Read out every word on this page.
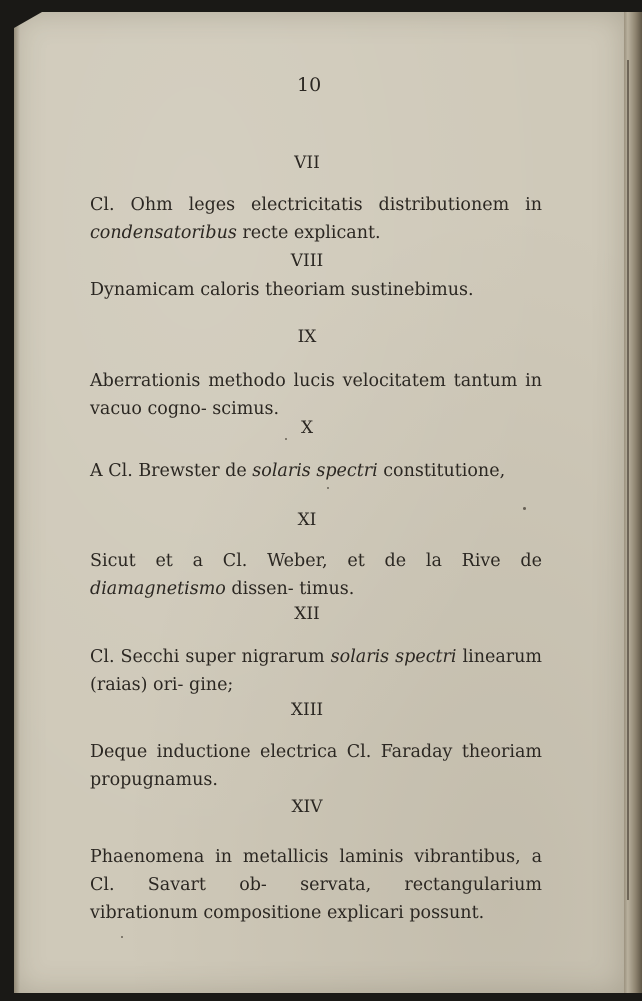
10
VII
Cl. Ohm leges electricitatis distributionem in condensatoribus recte explicant.
VIII
Dynamicam caloris theoriam sustinebimus.
IX
Aberrationis methodo lucis velocitatem tantum in vacuo cogno- scimus.
X
A Cl. Brewster de solaris spectri constitutione,
XI
Sicut et a Cl. Weber, et de la Rive de diamagnetismo dissen- timus.
XII
Cl. Secchi super nigrarum solaris spectri linearum (raias) ori- gine;
XIII
Deque inductione electrica Cl. Faraday theoriam propugnamus.
XIV
Phaenomena in metallicis laminis vibrantibus, a Cl. Savart ob- servata, rectangularium vibrationum compositione explicari possunt.
